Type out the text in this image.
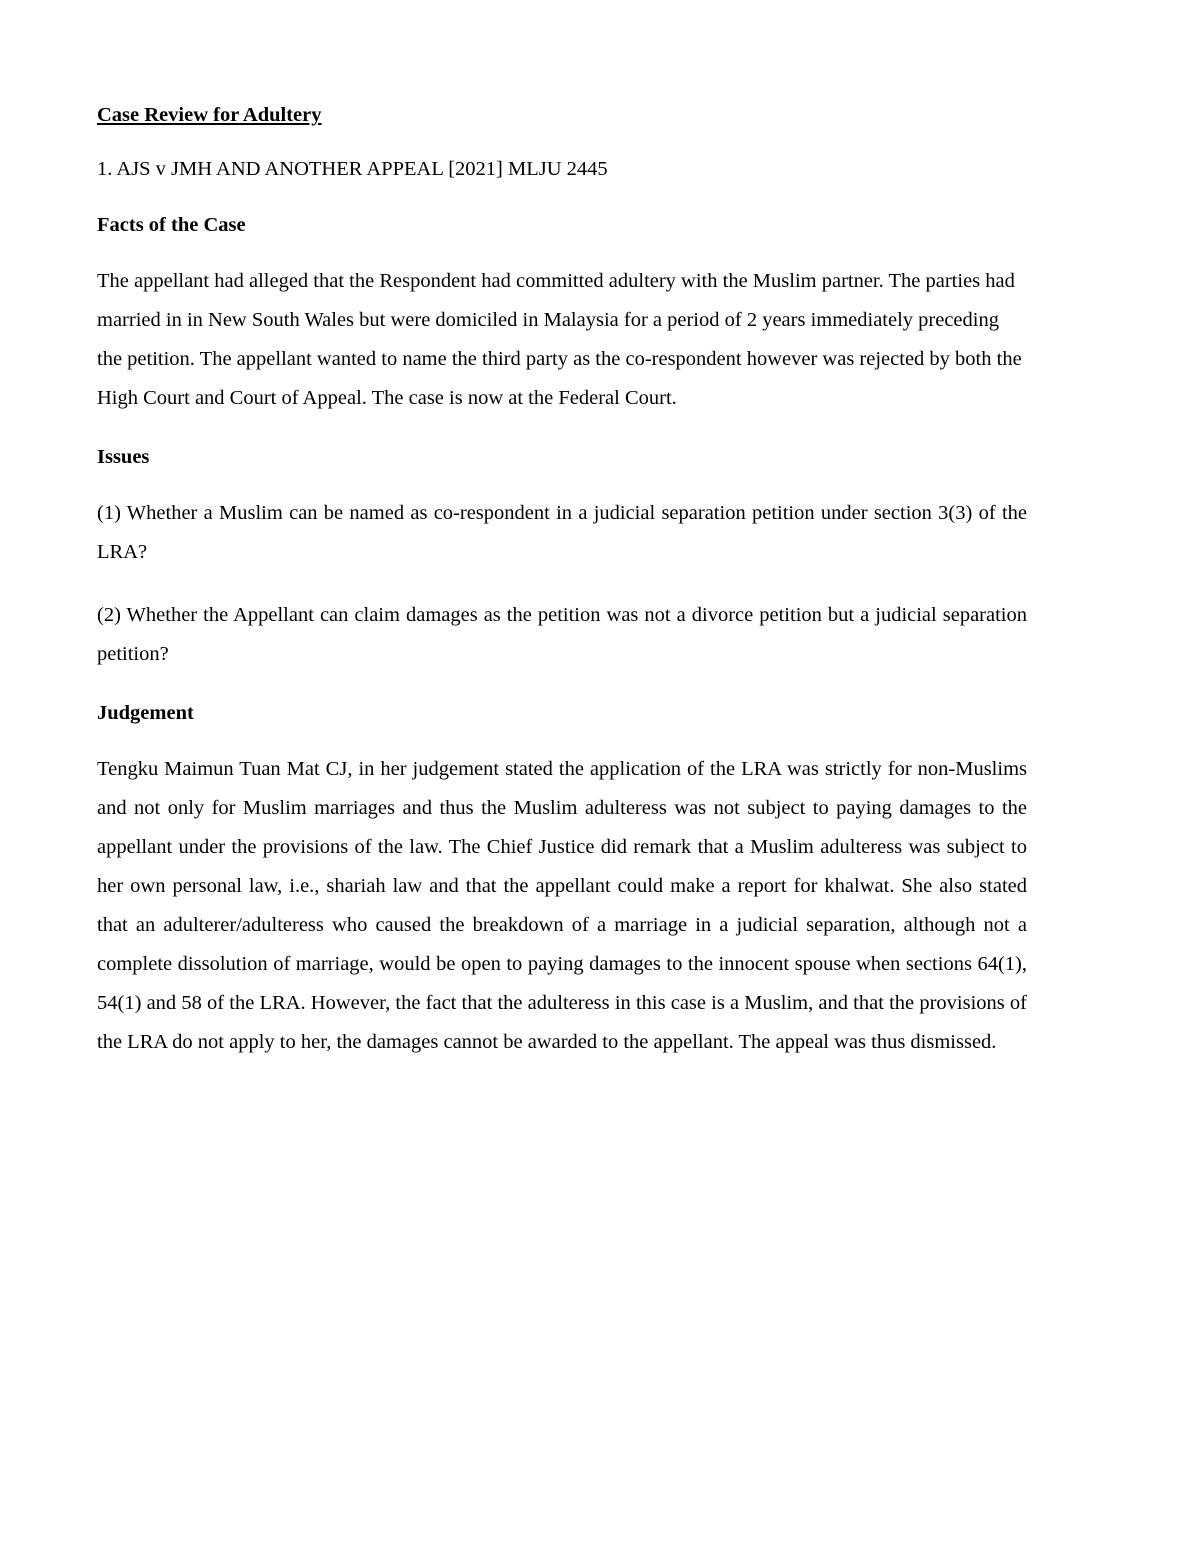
Case Review for Adultery
1. AJS v JMH AND ANOTHER APPEAL [2021] MLJU 2445
Facts of the Case
The appellant had alleged that the Respondent had committed adultery with the Muslim partner. The parties had married in in New South Wales but were domiciled in Malaysia for a period of 2 years immediately preceding the petition. The appellant wanted to name the third party as the co-respondent however was rejected by both the High Court and Court of Appeal. The case is now at the Federal Court.
Issues
(1) Whether a Muslim can be named as co-respondent in a judicial separation petition under section 3(3) of the LRA?
(2) Whether the Appellant can claim damages as the petition was not a divorce petition but a judicial separation petition?
Judgement
Tengku Maimun Tuan Mat CJ, in her judgement stated the application of the LRA was strictly for non-Muslims and not only for Muslim marriages and thus the Muslim adulteress was not subject to paying damages to the appellant under the provisions of the law. The Chief Justice did remark that a Muslim adulteress was subject to her own personal law, i.e., shariah law and that the appellant could make a report for khalwat. She also stated that an adulterer/adulteress who caused the breakdown of a marriage in a judicial separation, although not a complete dissolution of marriage, would be open to paying damages to the innocent spouse when sections 64(1), 54(1) and 58 of the LRA. However, the fact that the adulteress in this case is a Muslim, and that the provisions of the LRA do not apply to her, the damages cannot be awarded to the appellant. The appeal was thus dismissed.
